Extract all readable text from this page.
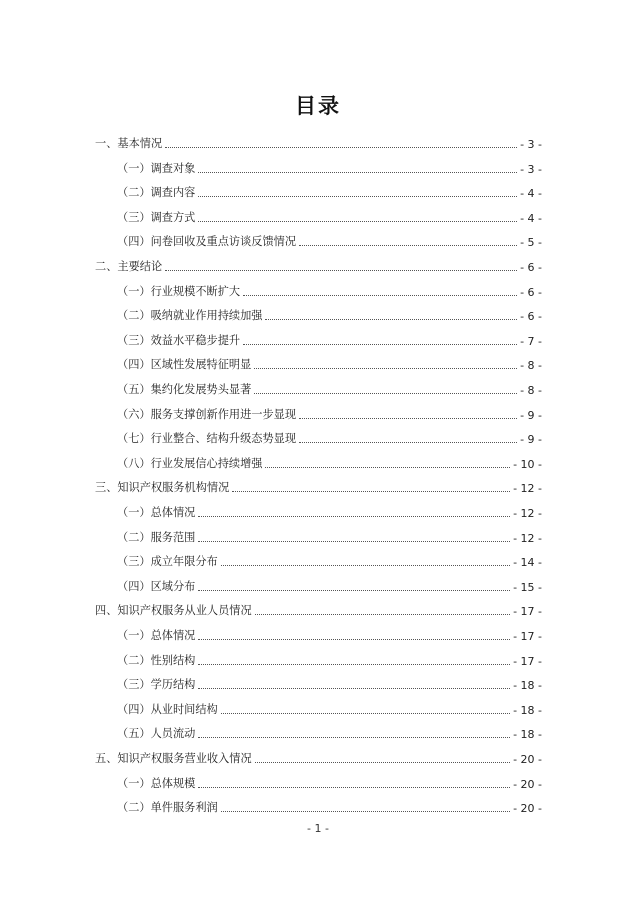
目录
一、基本情况	- 3 -
（一）调查对象	- 3 -
（二）调查内容	- 4 -
（三）调查方式	- 4 -
（四）问卷回收及重点访谈反馈情况	- 5 -
二、主要结论	- 6 -
（一）行业规模不断扩大	- 6 -
（二）吸纳就业作用持续加强	- 6 -
（三）效益水平稳步提升	- 7 -
（四）区域性发展特征明显	- 8 -
（五）集约化发展势头显著	- 8 -
（六）服务支撑创新作用进一步显现	- 9 -
（七）行业整合、结构升级态势显现	- 9 -
（八）行业发展信心持续增强	- 10 -
三、知识产权服务机构情况	- 12 -
（一）总体情况	- 12 -
（二）服务范围	- 12 -
（三）成立年限分布	- 14 -
（四）区域分布	- 15 -
四、知识产权服务从业人员情况	- 17 -
（一）总体情况	- 17 -
（二）性别结构	- 17 -
（三）学历结构	- 18 -
（四）从业时间结构	- 18 -
（五）人员流动	- 18 -
五、知识产权服务营业收入情况	- 20 -
（一）总体规模	- 20 -
（二）单件服务利润	- 20 -
- 1 -
